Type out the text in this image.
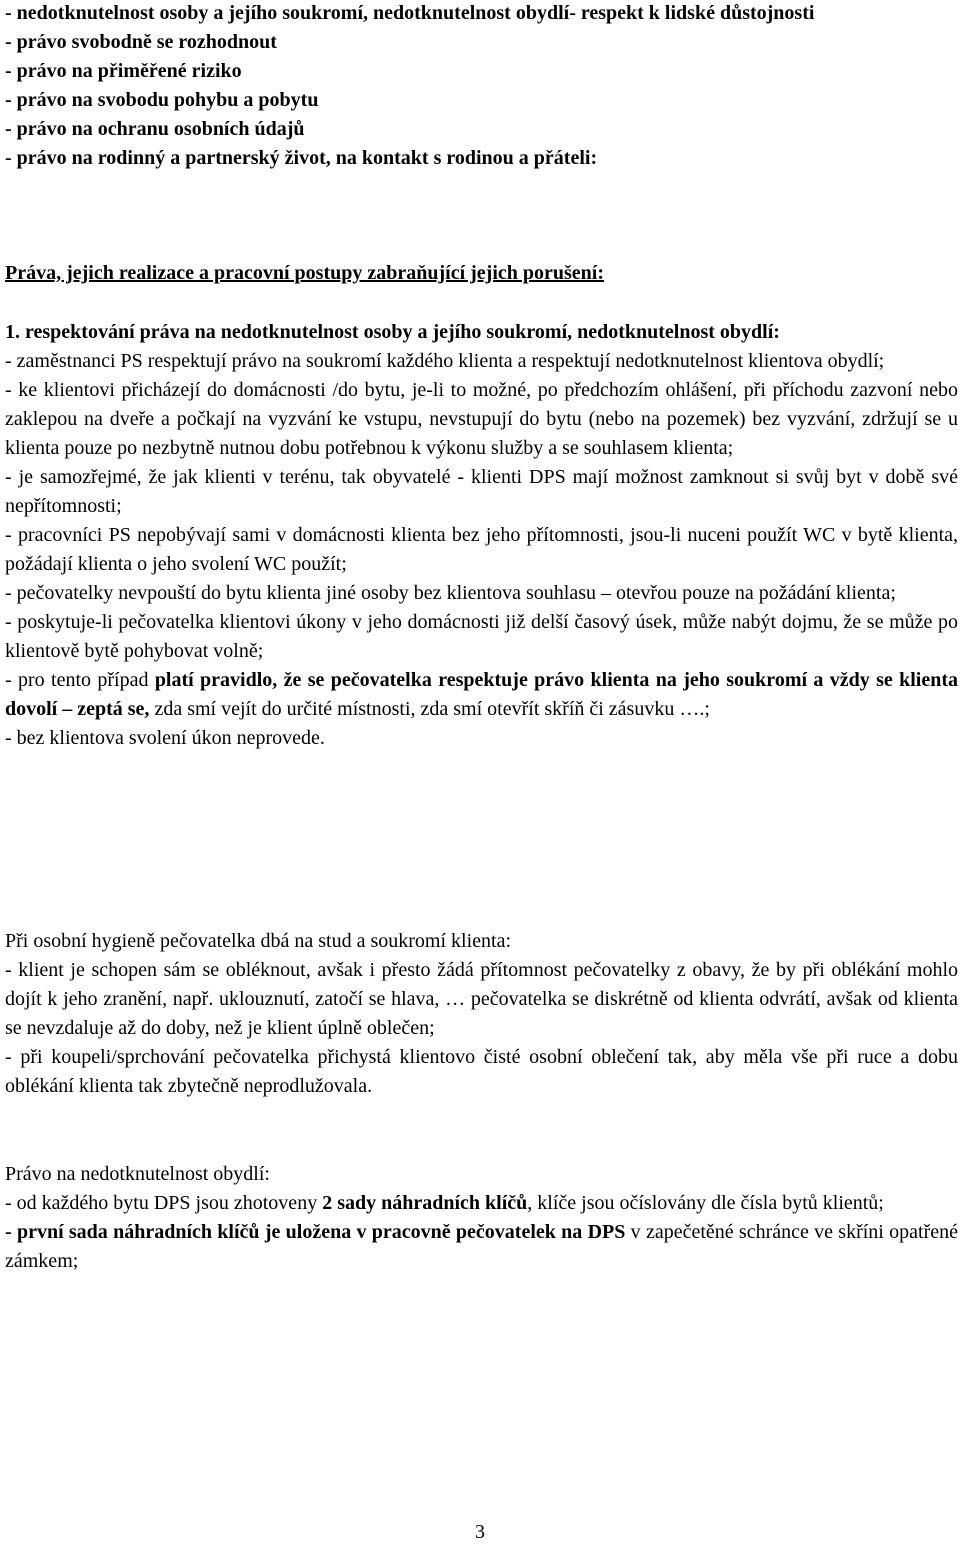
- nedotknutelnost osoby a jejího soukromí, nedotknutelnost obydlí- respekt k lidské důstojnosti

- právo svobodně se rozhodnout

- právo na přiměřené riziko

- právo na svobodu pohybu a pobytu

- právo na ochranu osobních údajů

- právo na rodinný a partnerský život, na kontakt s rodinou a přáteli:

Práva, jejich realizace a pracovní postupy zabraňující jejich porušení:

1. respektování práva na nedotknutelnost osoby a jejího soukromí, nedotknutelnost obydlí:

- zaměstnanci PS respektují právo na soukromí každého klienta a respektují nedotknutelnost klientova obydlí;

- ke klientovi přicházejí do domácnosti /do bytu, je-li to možné, po předchozím ohlášení, při příchodu zazvoní nebo zaklepou na dveře a počkají na vyzvání ke vstupu, nevstupují do bytu (nebo na pozemek) bez vyzvání, zdržují se u klienta pouze po nezbytně nutnou dobu potřebnou k výkonu služby a se souhlasem klienta;

- je samozřejmé, že jak klienti v terénu, tak obyvatelé - klienti DPS mají možnost zamknout si svůj byt v době své nepřítomnosti;

- pracovníci PS nepobývají sami v domácnosti klienta bez jeho přítomnosti, jsou-li nuceni použít WC v bytě klienta, požádají klienta o jeho svolení WC použít;

- pečovatelky nevpouští do bytu klienta jiné osoby bez klientova souhlasu – otevřou pouze na požádání klienta;

- poskytuje-li pečovatelka klientovi úkony v jeho domácnosti již delší časový úsek, může nabýt dojmu, že se může po klientově bytě pohybovat volně;

- pro tento případ platí pravidlo, že se pečovatelka respektuje právo klienta na jeho soukromí a vždy se klienta dovolí – zeptá se, zda smí vejít do určité místnosti, zda smí otevřít skříň či zásuvku ….;

- bez klientova svolení úkon neprovede.

Při osobní hygieně pečovatelka dbá na stud a soukromí klienta:

- klient je schopen sám se obléknout, avšak i přesto žádá přítomnost pečovatelky z obavy, že by při oblékání mohlo dojít k jeho zranění, např. uklouznutí, zatočí se hlava, … pečovatelka se diskrétně od klienta odvrátí, avšak od klienta se nevzdaluje až do doby, než je klient úplně oblečen;

- při koupeli/sprchování pečovatelka přichystá klientovo čisté osobní oblečení tak, aby měla vše při ruce a dobu oblékání klienta tak zbytečně neprodlužovala.

Právo na nedotknutelnost obydlí:

- od každého bytu DPS jsou zhotoveny 2 sady náhradních klíčů, klíče jsou očíslovány dle čísla bytů klientů;

- první sada náhradních klíčů je uložena v pracovně pečovatelek na DPS v zapečetěné schránce ve skříni opatřené zámkem;

3
